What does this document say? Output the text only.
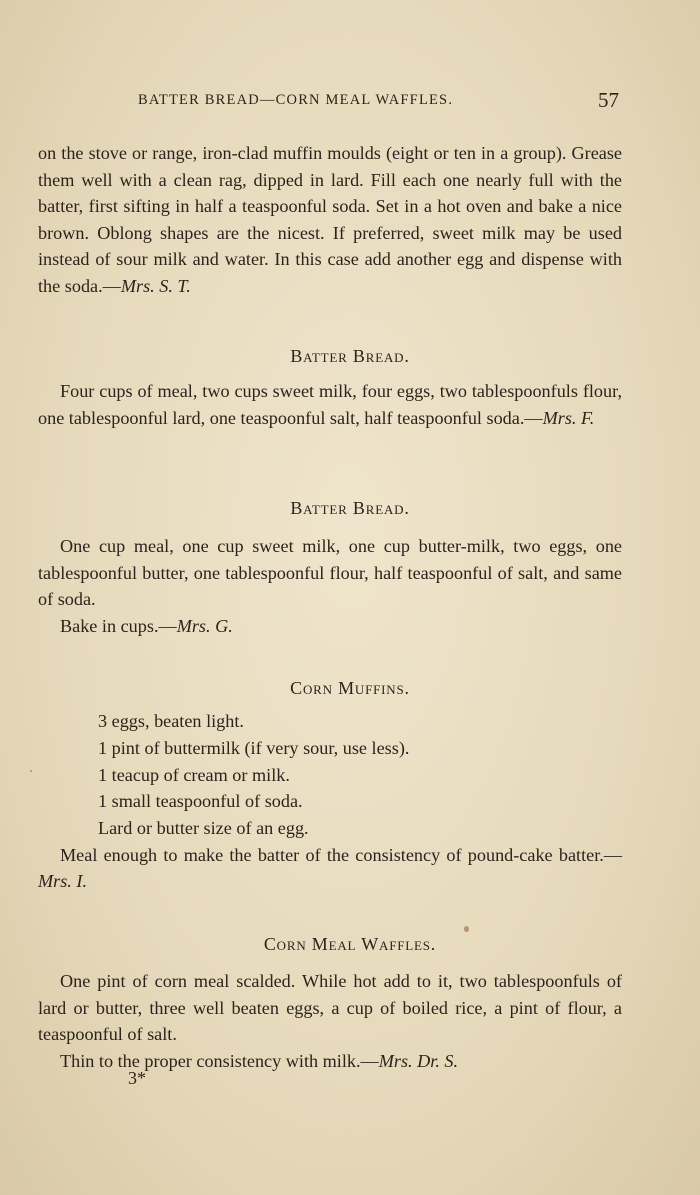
BATTER BREAD—CORN MEAL WAFFLES.	57

on the stove or range, iron-clad muffin moulds (eight or ten in a group). Grease them well with a clean rag, dipped in lard. Fill each one nearly full with the batter, first sifting in half a teaspoonful soda. Set in a hot oven and bake a nice brown. Oblong shapes are the nicest. If preferred, sweet milk may be used instead of sour milk and water. In this case add another egg and dispense with the soda.—Mrs. S. T.

Batter Bread.

Four cups of meal, two cups sweet milk, four eggs, two tablespoonfuls flour, one tablespoonful lard, one teaspoonful salt, half teaspoonful soda.—Mrs. F.

Batter Bread.

One cup meal, one cup sweet milk, one cup butter-milk, two eggs, one tablespoonful butter, one tablespoonful flour, half teaspoonful of salt, and same of soda.

Bake in cups.—Mrs. G.

Corn Muffins.
3 eggs, beaten light.
1 pint of buttermilk (if very sour, use less).
1 teacup of cream or milk.
1 small teaspoonful of soda.
Lard or butter size of an egg.

Meal enough to make the batter of the consistency of pound-cake batter.—Mrs. I.

Corn Meal Waffles.

One pint of corn meal scalded. While hot add to it, two tablespoonfuls of lard or butter, three well beaten eggs, a cup of boiled rice, a pint of flour, a teaspoonful of salt.

Thin to the proper consistency with milk.—Mrs. Dr. S.

3*
